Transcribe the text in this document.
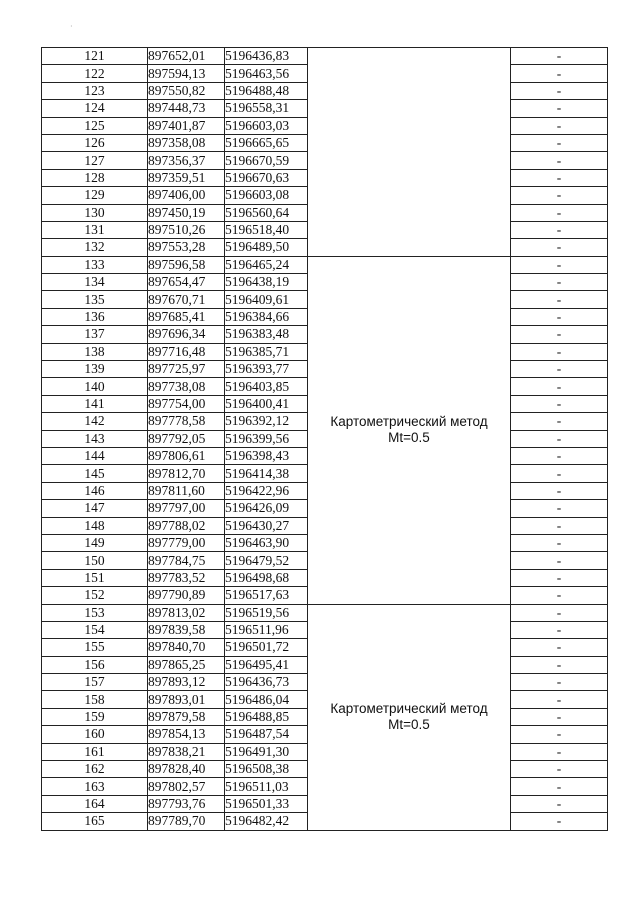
·
121	897652,01	5196436,83		-
122	897594,13	5196463,56		-
123	897550,82	5196488,48		-
124	897448,73	5196558,31		-
125	897401,87	5196603,03		-
126	897358,08	5196665,65		-
127	897356,37	5196670,59		-
128	897359,51	5196670,63		-
129	897406,00	5196603,08		-
130	897450,19	5196560,64		-
131	897510,26	5196518,40		-
132	897553,28	5196489,50		-
133	897596,58	5196465,24	Картометрический метод
Mt=0.5	-
134	897654,47	5196438,19		-
135	897670,71	5196409,61		-
136	897685,41	5196384,66		-
137	897696,34	5196383,48		-
138	897716,48	5196385,71		-
139	897725,97	5196393,77		-
140	897738,08	5196403,85		-
141	897754,00	5196400,41		-
142	897778,58	5196392,12		-
143	897792,05	5196399,56		-
144	897806,61	5196398,43		-
145	897812,70	5196414,38		-
146	897811,60	5196422,96		-
147	897797,00	5196426,09		-
148	897788,02	5196430,27		-
149	897779,00	5196463,90		-
150	897784,75	5196479,52		-
151	897783,52	5196498,68		-
152	897790,89	5196517,63		-
153	897813,02	5196519,56	Картометрический метод
Mt=0.5	-
154	897839,58	5196511,96		-
155	897840,70	5196501,72		-
156	897865,25	5196495,41		-
157	897893,12	5196436,73		-
158	897893,01	5196486,04		-
159	897879,58	5196488,85		-
160	897854,13	5196487,54		-
161	897838,21	5196491,30		-
162	897828,40	5196508,38		-
163	897802,57	5196511,03		-
164	897793,76	5196501,33		-
165	897789,70	5196482,42		-
